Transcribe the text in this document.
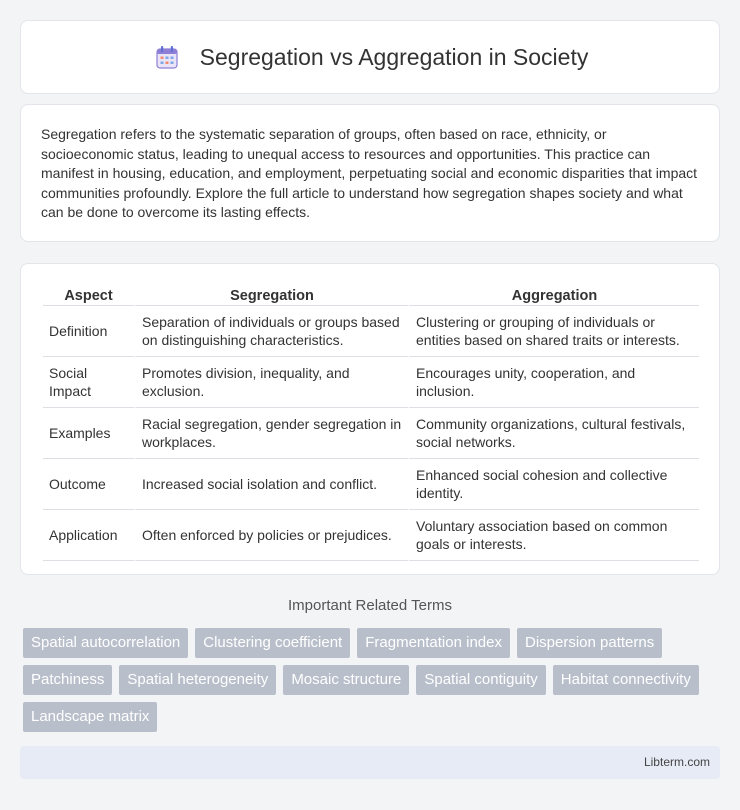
Segregation vs Aggregation in Society

Segregation refers to the systematic separation of groups, often based on race, ethnicity, or socioeconomic status, leading to unequal access to resources and opportunities. This practice can manifest in housing, education, and employment, perpetuating social and economic disparities that impact communities profoundly. Explore the full article to understand how segregation shapes society and what can be done to overcome its lasting effects.

Aspect	Segregation	Aggregation
Definition	Separation of individuals or groups based on distinguishing characteristics.	Clustering or grouping of individuals or entities based on shared traits or interests.
Social Impact	Promotes division, inequality, and exclusion.	Encourages unity, cooperation, and inclusion.
Examples	Racial segregation, gender segregation in workplaces.	Community organizations, cultural festivals, social networks.
Outcome	Increased social isolation and conflict.	Enhanced social cohesion and collective identity.
Application	Often enforced by policies or prejudices.	Voluntary association based on common goals or interests.
Important Related Terms
Spatial autocorrelation	Clustering coefficient	Fragmentation index	Dispersion patterns
Patchiness	Spatial heterogeneity	Mosaic structure	Spatial contiguity	Habitat connectivity
Landscape matrix
Libterm.com
